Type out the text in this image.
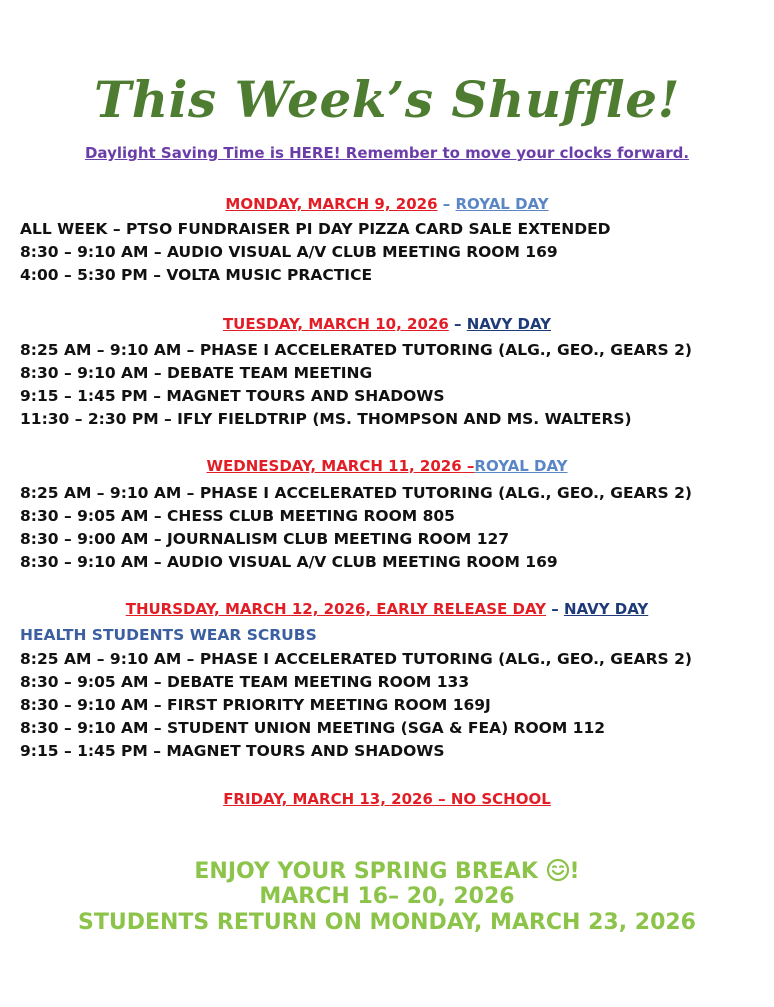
This Week’s Shuffle!
Daylight Saving Time is HERE! Remember to move your clocks forward.
MONDAY, MARCH 9, 2026 – ROYAL DAY
ALL WEEK – PTSO FUNDRAISER PI DAY PIZZA CARD SALE EXTENDED
8:30 – 9:10 AM – AUDIO VISUAL A/V CLUB MEETING ROOM 169
4:00 – 5:30 PM – VOLTA MUSIC PRACTICE
TUESDAY, MARCH 10, 2026 – NAVY DAY
8:25 AM – 9:10 AM – PHASE I ACCELERATED TUTORING (ALG., GEO., GEARS 2)
8:30 – 9:10 AM – DEBATE TEAM MEETING
9:15 – 1:45 PM – MAGNET TOURS AND SHADOWS
11:30 – 2:30 PM – IFLY FIELDTRIP (MS. THOMPSON AND MS. WALTERS)
WEDNESDAY, MARCH 11, 2026 –ROYAL DAY
8:25 AM – 9:10 AM – PHASE I ACCELERATED TUTORING (ALG., GEO., GEARS 2)
8:30 – 9:05 AM – CHESS CLUB MEETING ROOM 805
8:30 – 9:00 AM – JOURNALISM CLUB MEETING ROOM 127
8:30 – 9:10 AM – AUDIO VISUAL A/V CLUB MEETING ROOM 169
THURSDAY, MARCH 12, 2026, EARLY RELEASE DAY – NAVY DAY
HEALTH STUDENTS WEAR SCRUBS
8:25 AM – 9:10 AM – PHASE I ACCELERATED TUTORING (ALG., GEO., GEARS 2)
8:30 – 9:05 AM – DEBATE TEAM MEETING ROOM 133
8:30 – 9:10 AM – FIRST PRIORITY MEETING ROOM 169J
8:30 – 9:10 AM – STUDENT UNION MEETING (SGA & FEA) ROOM 112
9:15 – 1:45 PM – MAGNET TOURS AND SHADOWS
FRIDAY, MARCH 13, 2026 – NO SCHOOL
ENJOY YOUR SPRING BREAK !
MARCH 16– 20, 2026
STUDENTS RETURN ON MONDAY, MARCH 23, 2026
